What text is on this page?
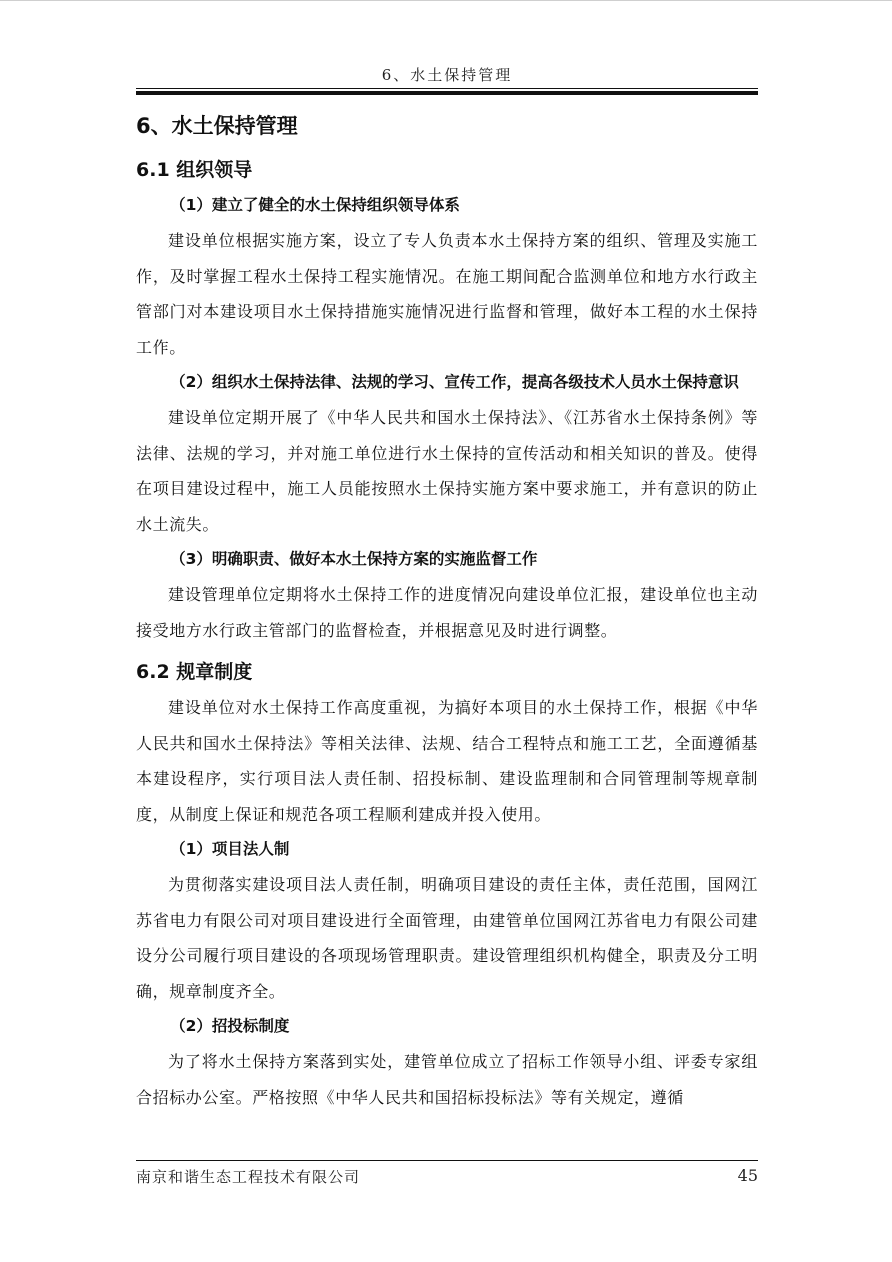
6、水土保持管理
6、水土保持管理
6.1 组织领导
（1）建立了健全的水土保持组织领导体系

建设单位根据实施方案，设立了专人负责本水土保持方案的组织、管理及实施工作，及时掌握工程水土保持工程实施情况。在施工期间配合监测单位和地方水行政主管部门对本建设项目水土保持措施实施情况进行监督和管理，做好本工程的水土保持工作。

（2）组织水土保持法律、法规的学习、宣传工作，提高各级技术人员水土保持意识

建设单位定期开展了《中华人民共和国水土保持法》、《江苏省水土保持条例》等法律、法规的学习，并对施工单位进行水土保持的宣传活动和相关知识的普及。使得在项目建设过程中，施工人员能按照水土保持实施方案中要求施工，并有意识的防止水土流失。

（3）明确职责、做好本水土保持方案的实施监督工作

建设管理单位定期将水土保持工作的进度情况向建设单位汇报，建设单位也主动接受地方水行政主管部门的监督检查，并根据意见及时进行调整。

6.2 规章制度

建设单位对水土保持工作高度重视，为搞好本项目的水土保持工作，根据《中华人民共和国水土保持法》等相关法律、法规、结合工程特点和施工工艺，全面遵循基本建设程序，实行项目法人责任制、招投标制、建设监理制和合同管理制等规章制度，从制度上保证和规范各项工程顺利建成并投入使用。

（1）项目法人制

为贯彻落实建设项目法人责任制，明确项目建设的责任主体，责任范围，国网江苏省电力有限公司对项目建设进行全面管理，由建管单位国网江苏省电力有限公司建设分公司履行项目建设的各项现场管理职责。建设管理组织机构健全，职责及分工明确，规章制度齐全。

（2）招投标制度

为了将水土保持方案落到实处，建管单位成立了招标工作领导小组、评委专家组合招标办公室。严格按照《中华人民共和国招标投标法》等有关规定，遵循

南京和谐生态工程技术有限公司	45
